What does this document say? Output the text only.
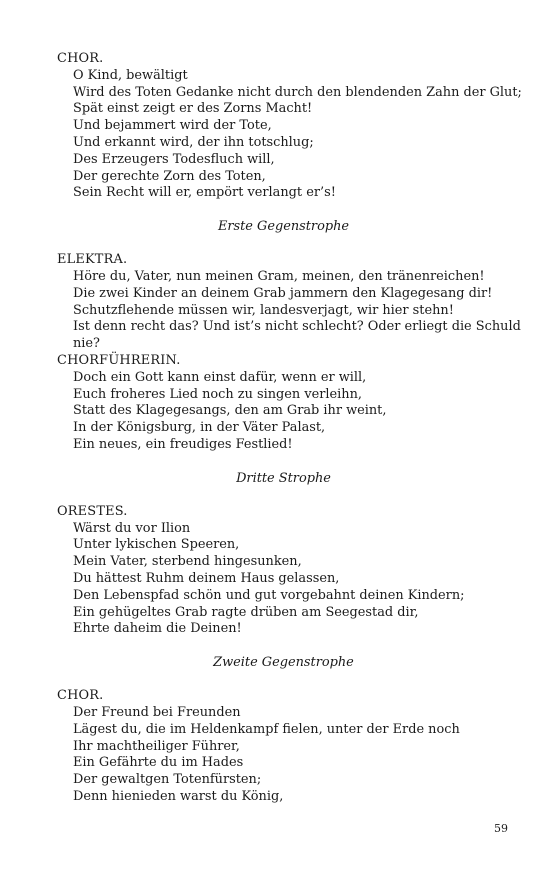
CHOR.

O Kind, bewältigt

Wird des Toten Gedanke nicht durch den blendenden Zahn der Glut;

Spät einst zeigt er des Zorns Macht!

Und bejammert wird der Tote,

Und erkannt wird, der ihn totschlug;

Des Erzeugers Todesfluch will,

Der gerechte Zorn des Toten,

Sein Recht will er, empört verlangt er’s!

Erste Gegenstrophe

ELEKTRA.

Höre du, Vater, nun meinen Gram, meinen, den tränenreichen!

Die zwei Kinder an deinem Grab jammern den Klagegesang dir!

Schutzflehende müssen wir, landesverjagt, wir hier stehn!

Ist denn recht das? Und ist’s nicht schlecht? Oder erliegt die Schuld

nie?

CHORFÜHRERIN.

Doch ein Gott kann einst dafür, wenn er will,

Euch froheres Lied noch zu singen verleihn,

Statt des Klagegesangs, den am Grab ihr weint,

In der Königsburg, in der Väter Palast,

Ein neues, ein freudiges Festlied!

Dritte Strophe

ORESTES.

Wärst du vor Ilion

Unter lykischen Speeren,

Mein Vater, sterbend hingesunken,

Du hättest Ruhm deinem Haus gelassen,

Den Lebenspfad schön und gut vorgebahnt deinen Kindern;

Ein gehügeltes Grab ragte drüben am Seegestad dir,

Ehrte daheim die Deinen!

Zweite Gegenstrophe

CHOR.

Der Freund bei Freunden

Lägest du, die im Heldenkampf fielen, unter der Erde noch

Ihr machtheiliger Führer,

Ein Gefährte du im Hades

Der gewaltgen Totenfürsten;

Denn hienieden warst du König,

59
